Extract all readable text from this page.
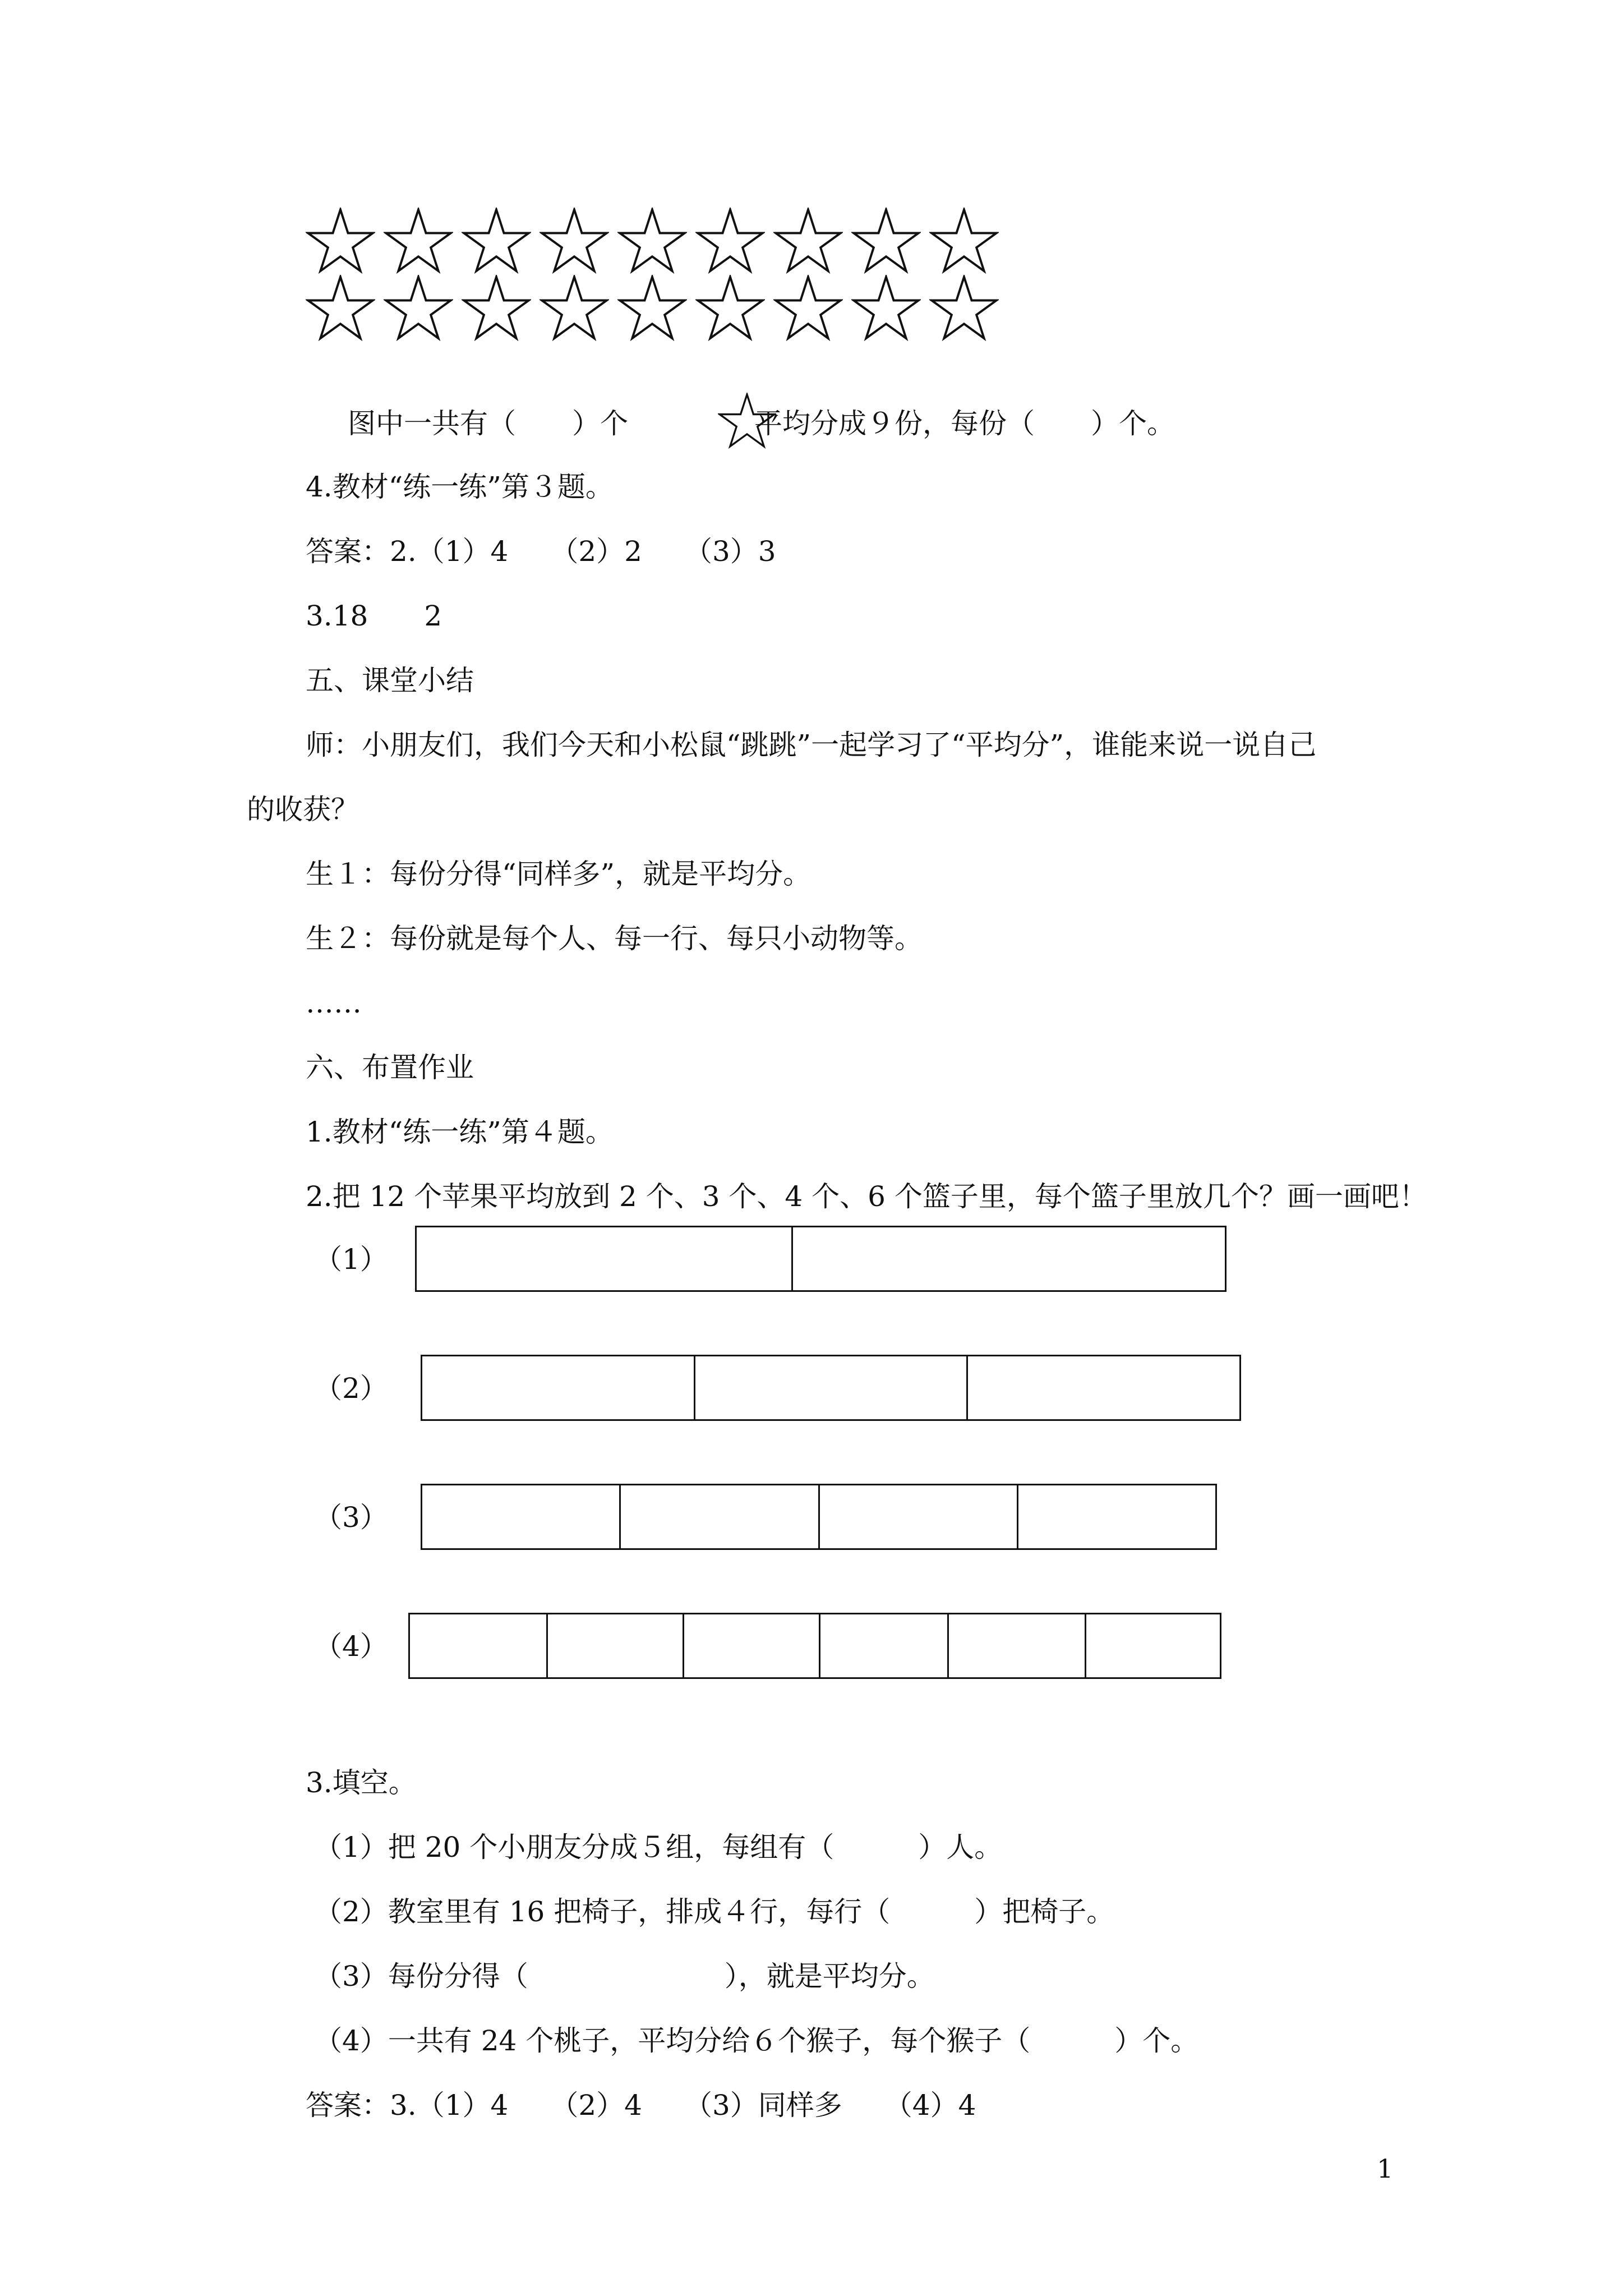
图中一共有（　　）个	平均分成９份，每份（　　）个。
4.教材“练一练”第３题。
答案：2.（1）4　　（2）2　　（3）3
3.18　　2
五、课堂小结
师：小朋友们，我们今天和小松鼠“跳跳”一起学习了“平均分”，谁能来说一说自己
的收获？
生１：每份分得“同样多”，就是平均分。
生２：每份就是每个人、每一行、每只小动物等。
……
六、布置作业
1.教材“练一练”第４题。
2.把 12 个苹果平均放到 2 个、3 个、4 个、6 个篮子里，每个篮子里放几个？画一画吧！
（1）
（2）
（3）
（4）
3.填空。
（1）把 20 个小朋友分成５组，每组有（　　　）人。
（2）教室里有 16 把椅子，排成４行，每行（　　　）把椅子。
（3）每份分得（　　　　　　　），就是平均分。
（4）一共有 24 个桃子，平均分给６个猴子，每个猴子（　　　）个。
答案：3.（1）4　　（2）4　　（3）同样多　　（4）4
1
